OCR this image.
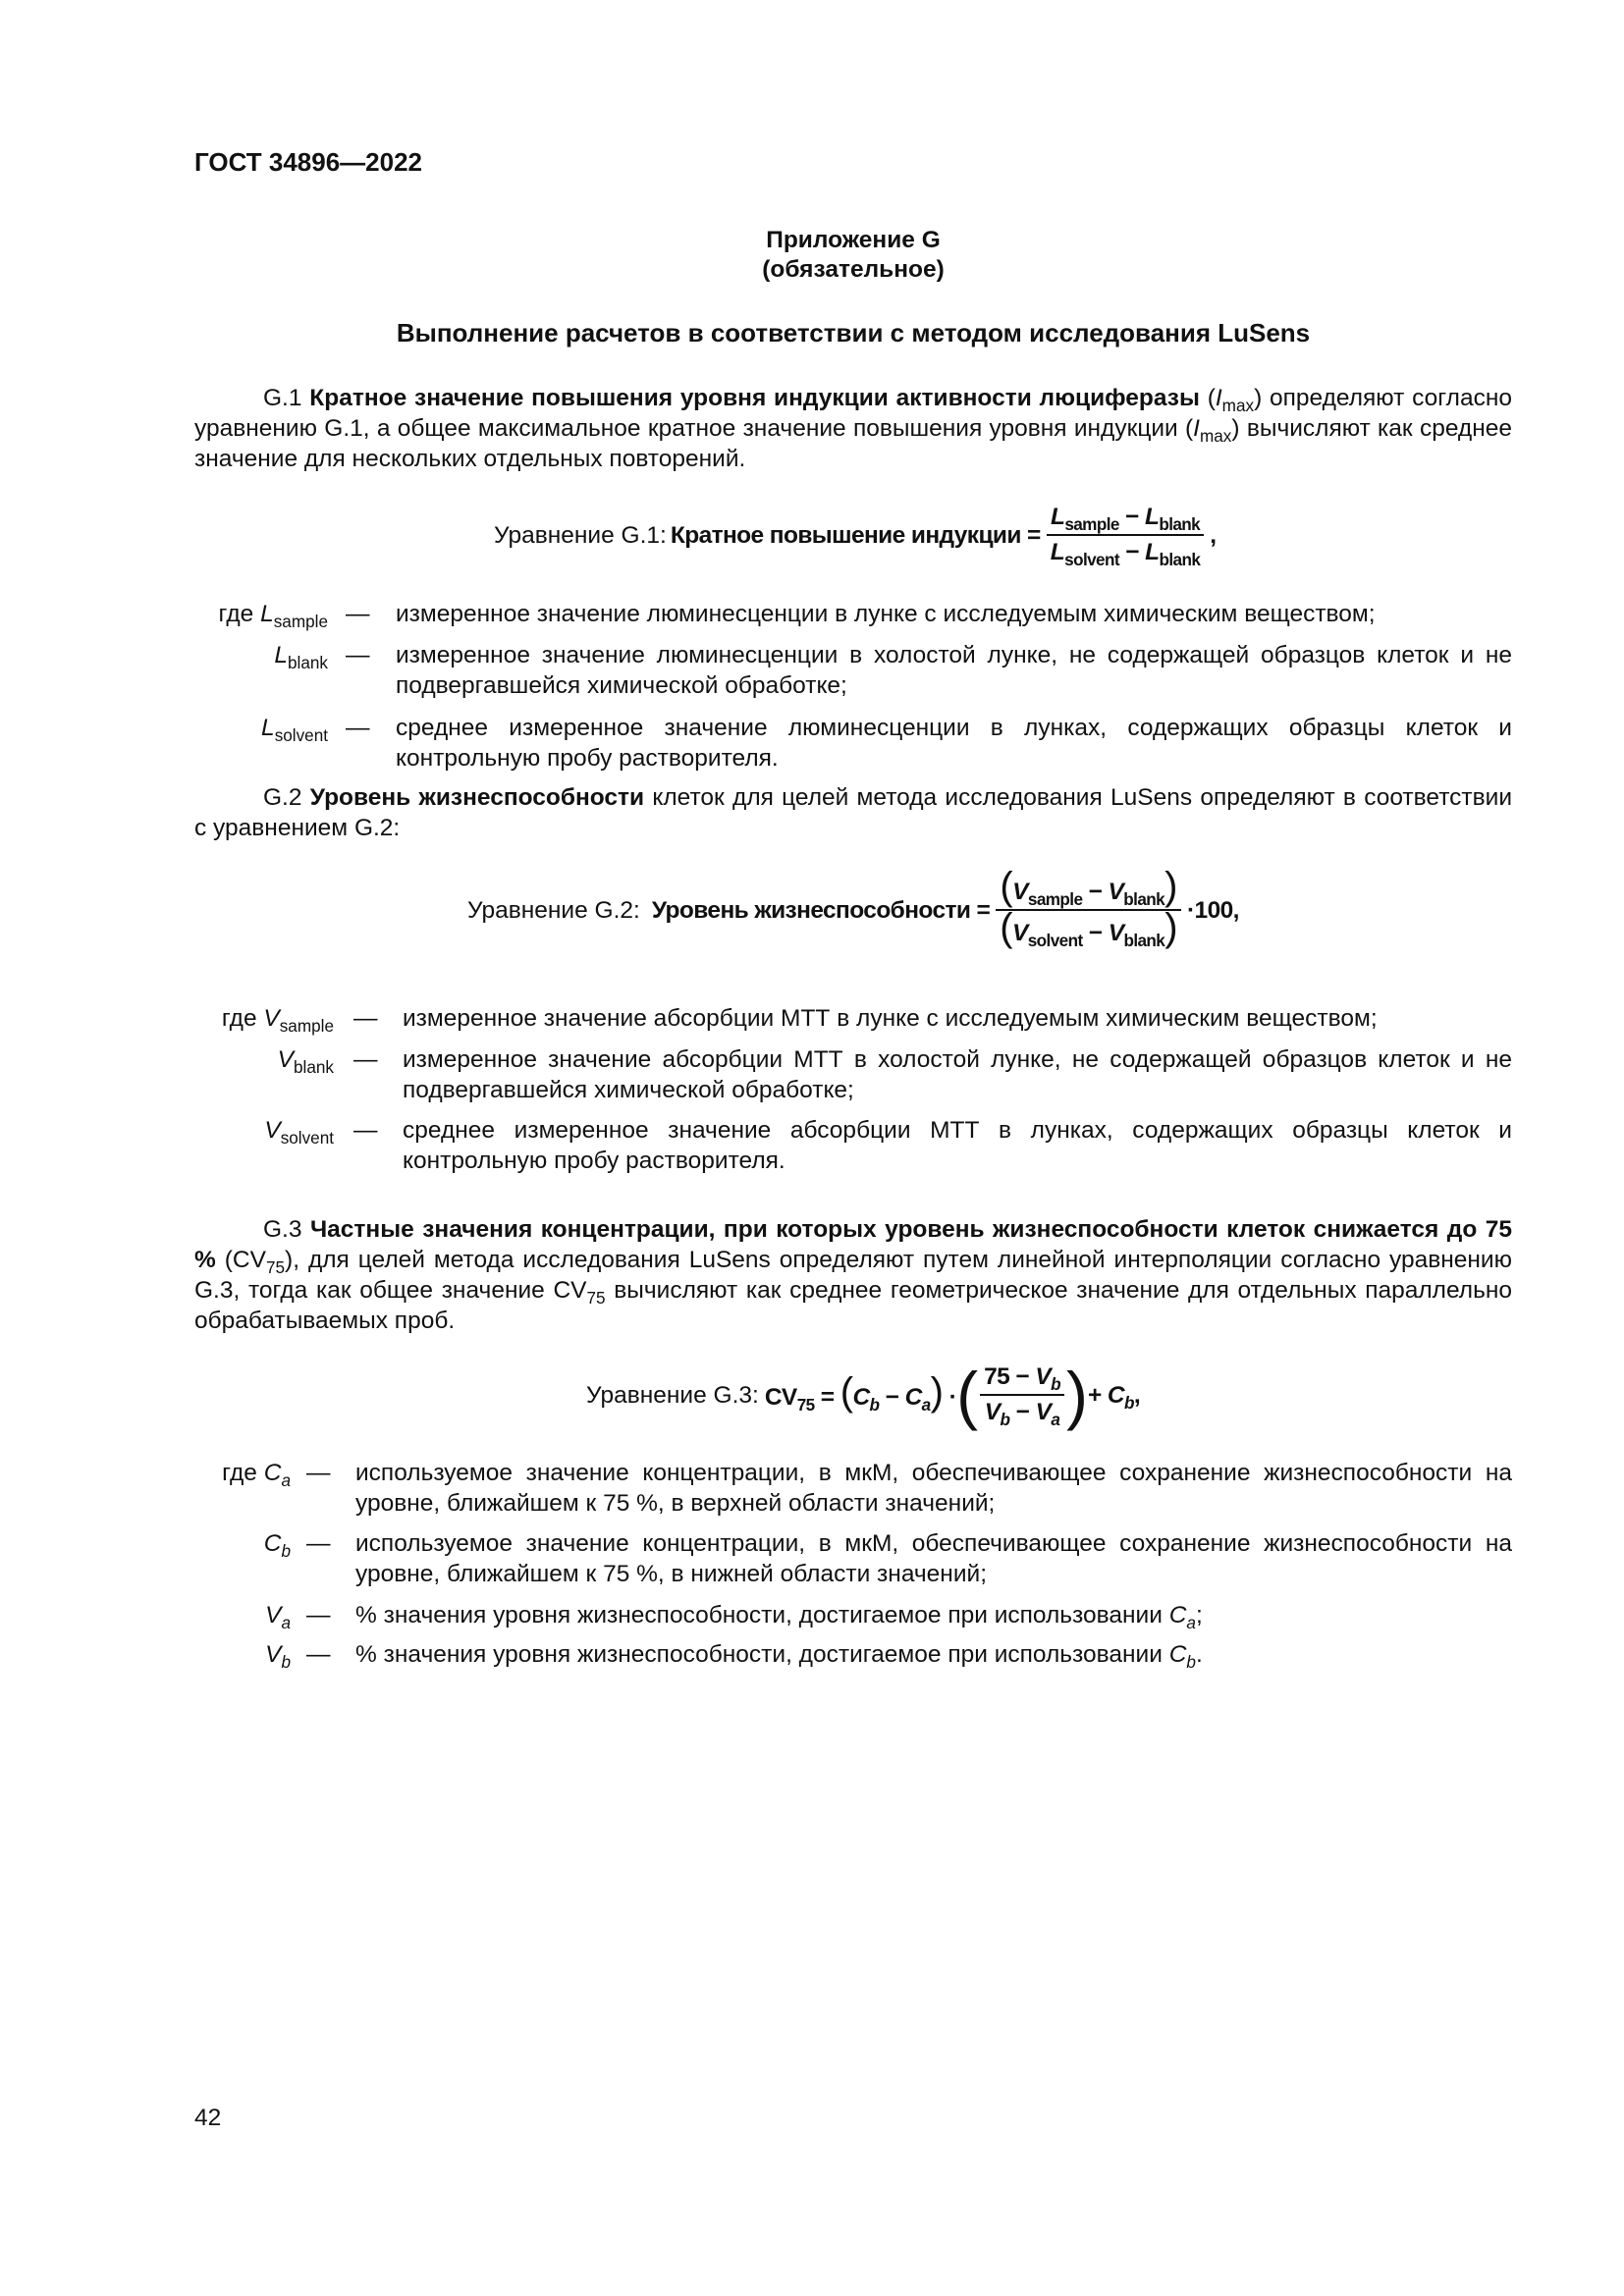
ГОСТ 34896—2022
Приложение G
(обязательное)
Выполнение расчетов в соответствии с методом исследования LuSens
G.1 Кратное значение повышения уровня индукции активности люциферазы $(I_{max})$ определяют согласно уравнению G.1, а общее максимальное кратное значение повышения уровня индукции $(I_{max})$ вычисляют как среднее значение для нескольких отдельных повторений.
Уравнение G.1: Кратное повышение индукции = $\frac{L_{sample} - L_{blank}}{L_{solvent} - L_{blank}}$ ,
где $L_{sample}$ — измеренное значение люминесценции в лунке с исследуемым химическим веществом;
$L_{blank}$ — измеренное значение люминесценции в холостой лунке, не содержащей образцов клеток и не подвергавшейся химической обработке;
$L_{solvent}$ — среднее измеренное значение люминесценции в лунках, содержащих образцы клеток и контрольную пробу растворителя.
G.2 Уровень жизнеспособности клеток для целей метода исследования LuSens определяют в соответствии с уравнением G.2:
Уравнение G.2: Уровень жизнеспособности = $\frac{(V_{sample} - V_{blank})}{(V_{solvent} - V_{blank})} \cdot 100$,
где $V_{sample}$ — измеренное значение абсорбции МТТ в лунке с исследуемым химическим веществом;
$V_{blank}$ — измеренное значение абсорбции МТТ в холостой лунке, не содержащей образцов клеток и не подвергавшейся химической обработке;
$V_{solvent}$ — среднее измеренное значение абсорбции МТТ в лунках, содержащих образцы клеток и контрольную пробу растворителя.
G.3 Частные значения концентрации, при которых уровень жизнеспособности клеток снижается до 75 % $(CV_{75})$, для целей метода исследования LuSens определяют путем линейной интерполяции согласно уравнению G.3, тогда как общее значение $CV_{75}$ вычисляют как среднее геометрическое значение для отдельных параллельно обрабатываемых проб.
Уравнение G.3: $CV_{75} = (C_b - C_a)$ · ( $\frac{75 - V_b}{V_b - V_a}$ ) + $C_b$,
где $C_a$ — используемое значение концентрации, в мкМ, обеспечивающее сохранение жизнеспособности на уровне, ближайшем к 75 %, в верхней области значений;
$C_b$ — используемое значение концентрации, в мкМ, обеспечивающее сохранение жизнеспособности на уровне, ближайшем к 75 %, в нижней области значений;
$V_a$ — % значения уровня жизнеспособности, достигаемое при использовании $C_a$;
$V_b$ — % значения уровня жизнеспособности, достигаемое при использовании $C_b$.
42
